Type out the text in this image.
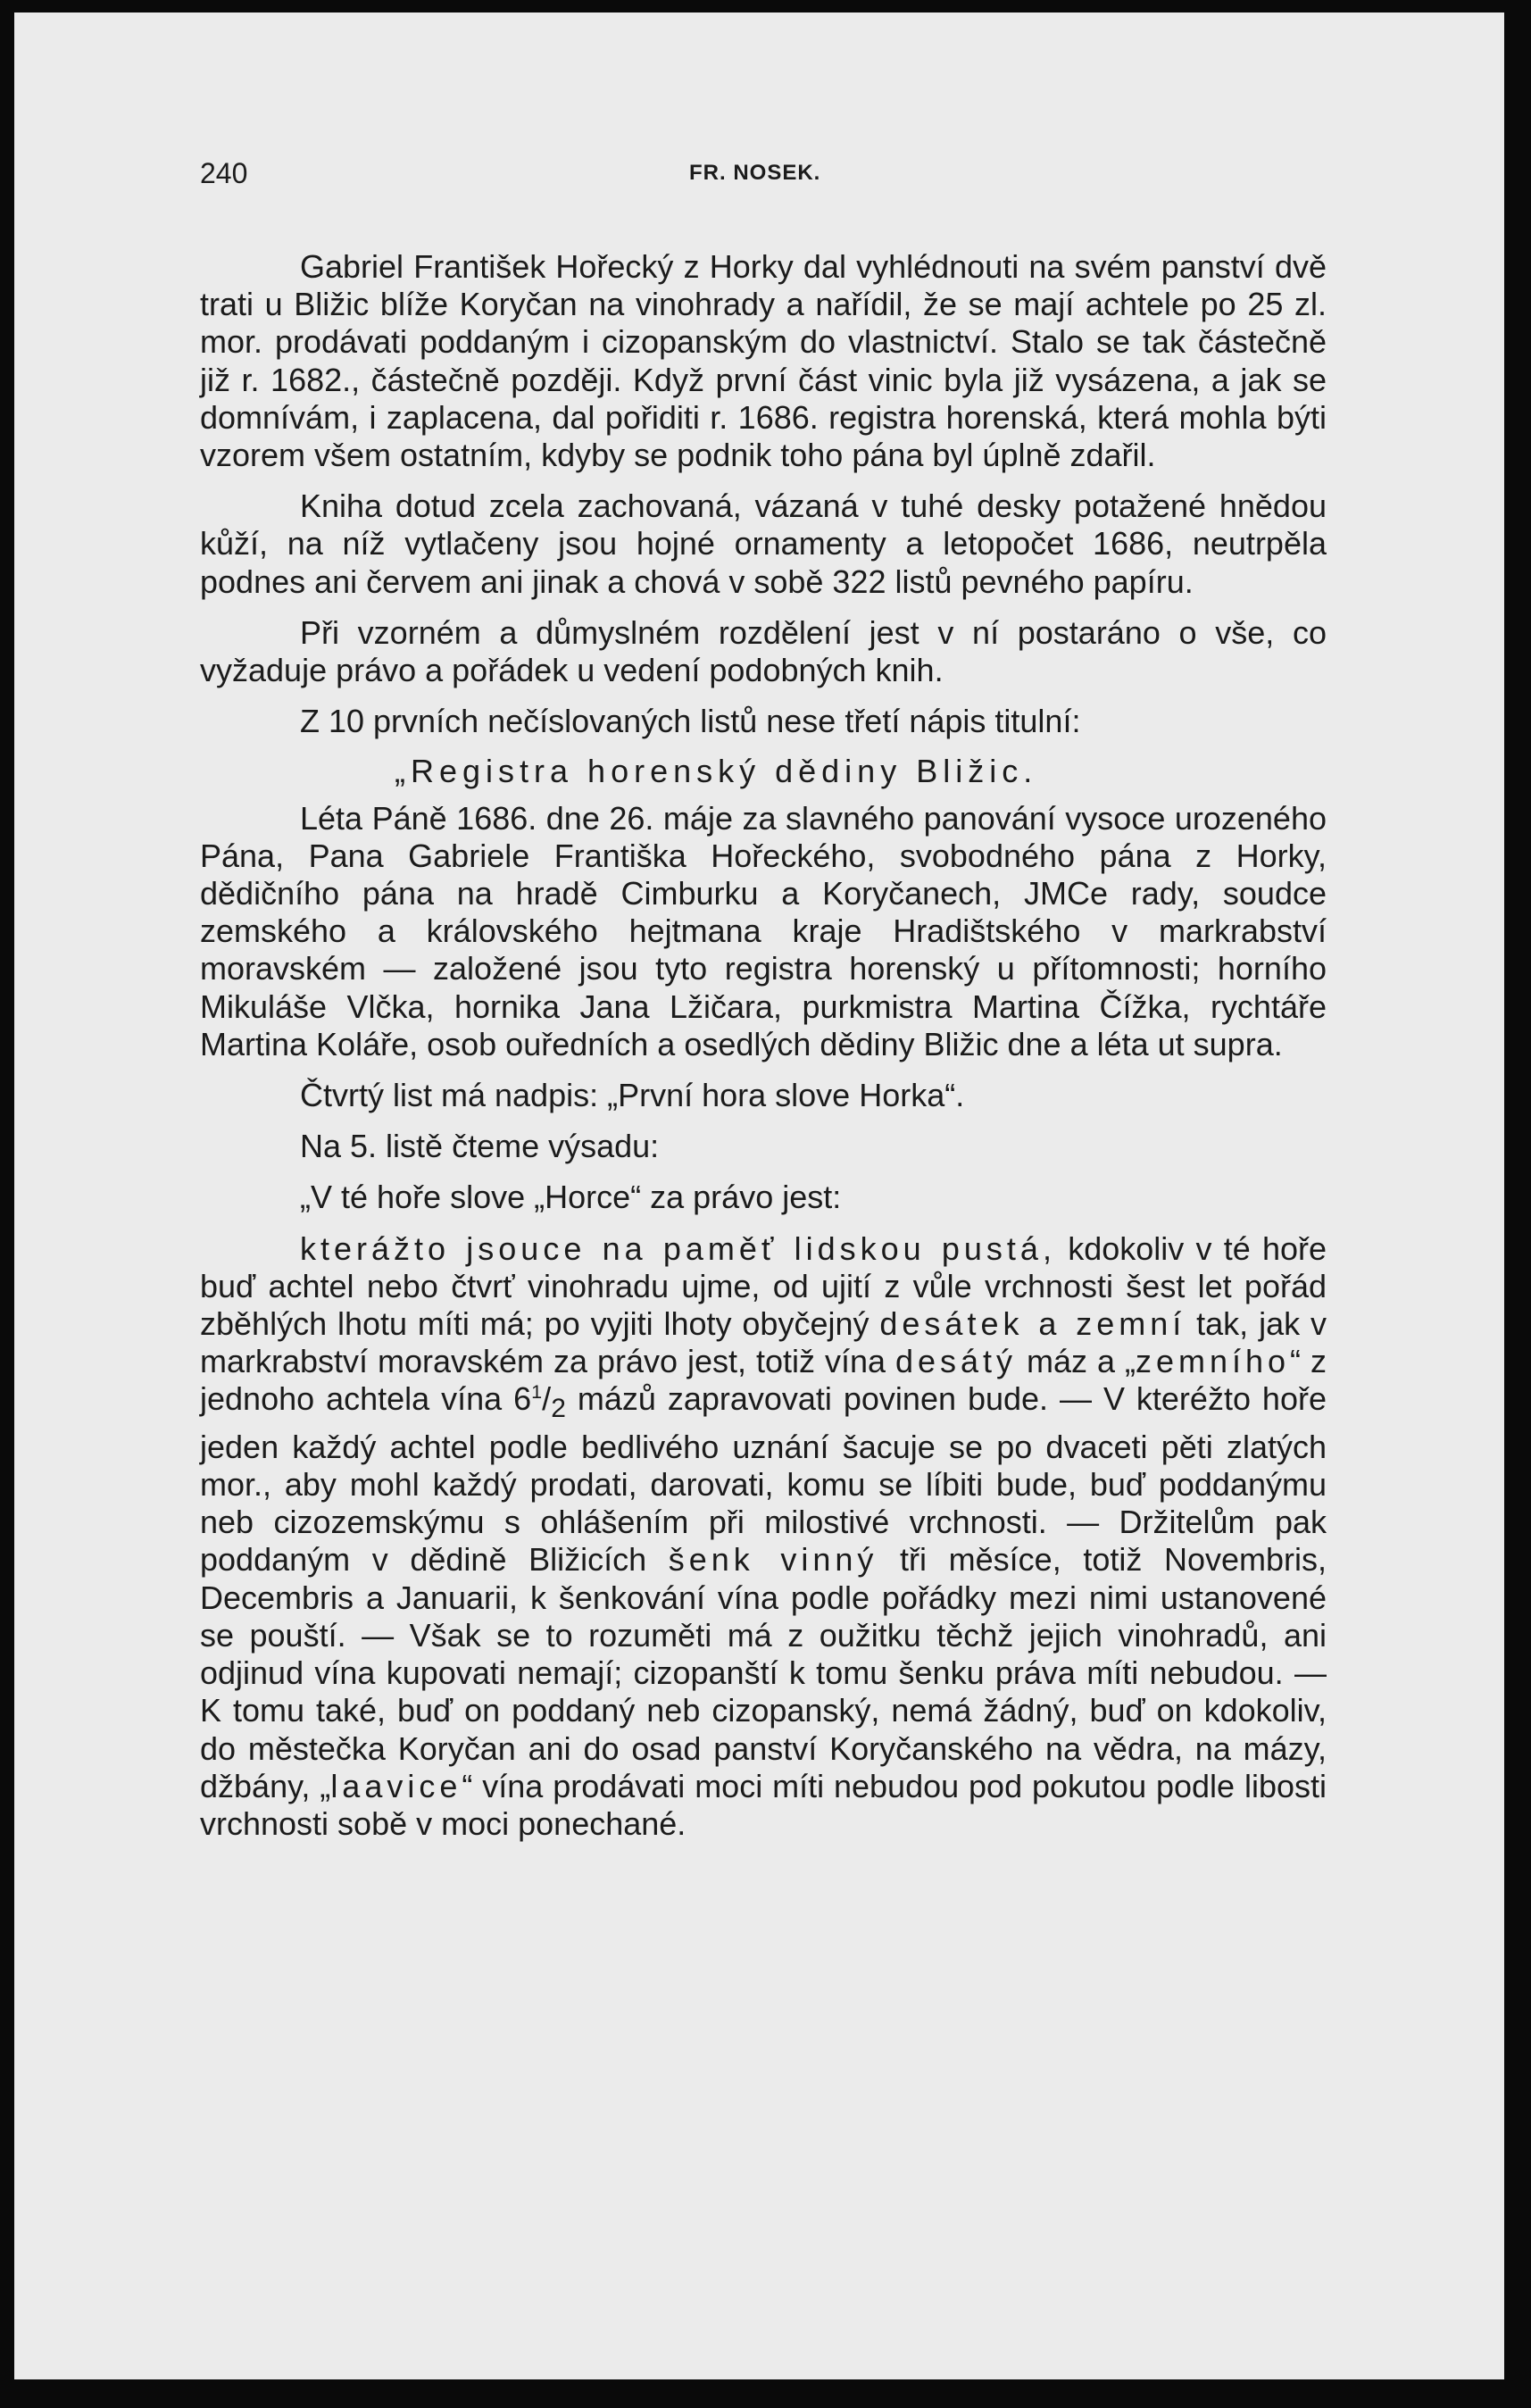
240	FR. NOSEK.

Gabriel František Hořecký z Horky dal vyhlédnouti na svém panství dvě trati u Bližic blíže Koryčan na vinohrady a nařídil, že se mají achtele po 25 zl. mor. prodávati poddaným i cizopanským do vlastnictví. Stalo se tak částečně již r. 1682., částečně později. Když první část vinic byla již vysázena, a jak se domnívám, i zaplacena, dal pořiditi r. 1686. registra horenská, která mohla býti vzorem všem ostatním, kdyby se podnik toho pána byl úplně zdařil.

Kniha dotud zcela zachovaná, vázaná v tuhé desky potažené hnědou kůží, na níž vytlačeny jsou hojné ornamenty a letopočet 1686, neutrpěla podnes ani červem ani jinak a chová v sobě 322 listů pevného papíru.

Při vzorném a důmyslném rozdělení jest v ní postaráno o vše, co vyžaduje právo a pořádek u vedení podobných knih.

Z 10 prvních nečíslovaných listů nese třetí nápis titulní:

„Registra horenský dědiny Bližic.

Léta Páně 1686. dne 26. máje za slavného panování vysoce urozeného Pána, Pana Gabriele Františka Hořeckého, svobodného pána z Horky, dědičního pána na hradě Cimburku a Koryčanech, JMCe rady, soudce zemského a královského hejtmana kraje Hradištského v markrabství moravském — založené jsou tyto registra horenský u přítomnosti; horního Mikuláše Vlčka, hornika Jana Lžičara, purkmistra Martina Čížka, rychtáře Martina Koláře, osob ouředních a osedlých dědiny Bližic dne a léta ut supra.

Čtvrtý list má nadpis: „První hora slove Horka“.

Na 5. listě čteme výsadu:

„V té hoře slove „Horce“ za právo jest:

kterážto jsouce na paměť lidskou pustá, kdokoliv v té hoře buď achtel nebo čtvrť vinohradu ujme, od ujití z vůle vrchnosti šest let pořád zběhlých lhotu míti má; po vyjiti lhoty obyčejný desátek a zemní tak, jak v markrabství moravském za právo jest, totiž vína desátý máz a „zemního“ z jednoho achtela vína $6^1/_2$ mázů zapravovati povinen bude. — V kteréžto hoře jeden každý achtel podle bedlivého uznání šacuje se po dvaceti pěti zlatých mor., aby mohl každý prodati, darovati, komu se líbiti bude, buď poddanýmu neb cizozemskýmu s ohlášením při milostivé vrchnosti. — Držitelům pak poddaným v dědině Bližicích šenk vinný tři měsíce, totiž Novembris, Decembris a Januarii, k šenkování vína podle pořádky mezi nimi ustanovené se pouští. — Však se to rozuměti má z oužitku těchž jejich vinohradů, ani odjinud vína kupovati nemají; cizopanští k tomu šenku práva míti nebudou. — K tomu také, buď on poddaný neb cizopanský, nemá žádný, buď on kdokoliv, do městečka Koryčan ani do osad panství Koryčanského na vědra, na mázy, džbány, „laavice“ vína prodávati moci míti nebudou pod pokutou podle libosti vrchnosti sobě v moci ponechané.
